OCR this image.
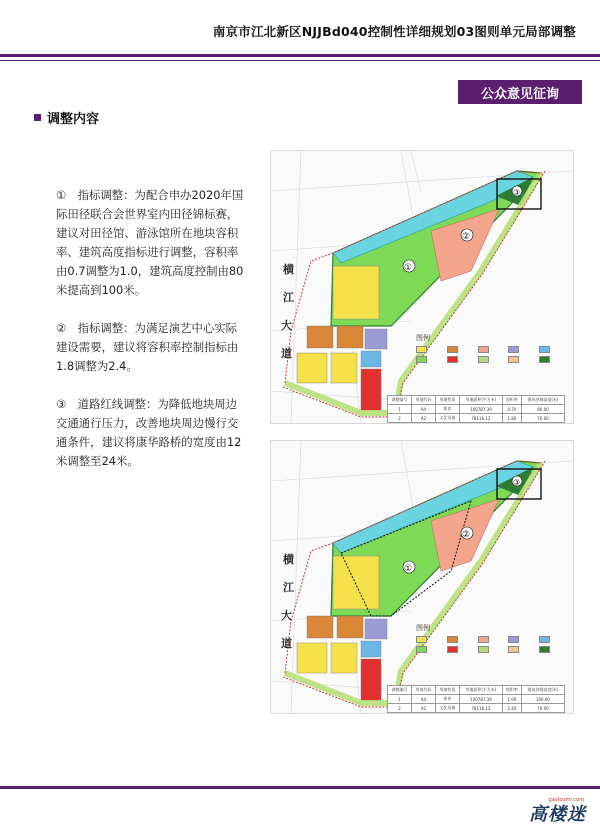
南京市江北新区NJJBd040控制性详细规划03图则单元局部调整
公众意见征询
调整内容
①　指标调整：为配合申办2020年国际田径联合会世界室内田径锦标赛，建议对田径馆、游泳馆所在地块容积率、建筑高度指标进行调整，容积率由0.7调整为1.0，建筑高度控制由80米提高到100米。
②　指标调整：为满足演艺中心实际建设需要，建议将容积率控制指标由1.8调整为2.4。
③　道路红线调整：为降低地块周边交通通行压力，改善地块周边慢行交通条件，建议将康华路桥的宽度由12米调整至24米。
①
②
③
横
江
大
道
图例
调整编号	用地代码	用地性质	用地面积(平方米)	容积率	建筑控制高度(米)
1	A4	体育	100787.39	0.70	80.00
2	A2	文化设施	78116.12	1.80	70.00
①
②
③
横
江
大
道
图例
调整编号	用地代码	用地性质	用地面积(平方米)	容积率	建筑控制高度(米)
1	A4	体育	100787.39	1.00	100.00
2	A2	文化设施	78116.12	2.40	70.00
gaoloumi.com
高楼迷
